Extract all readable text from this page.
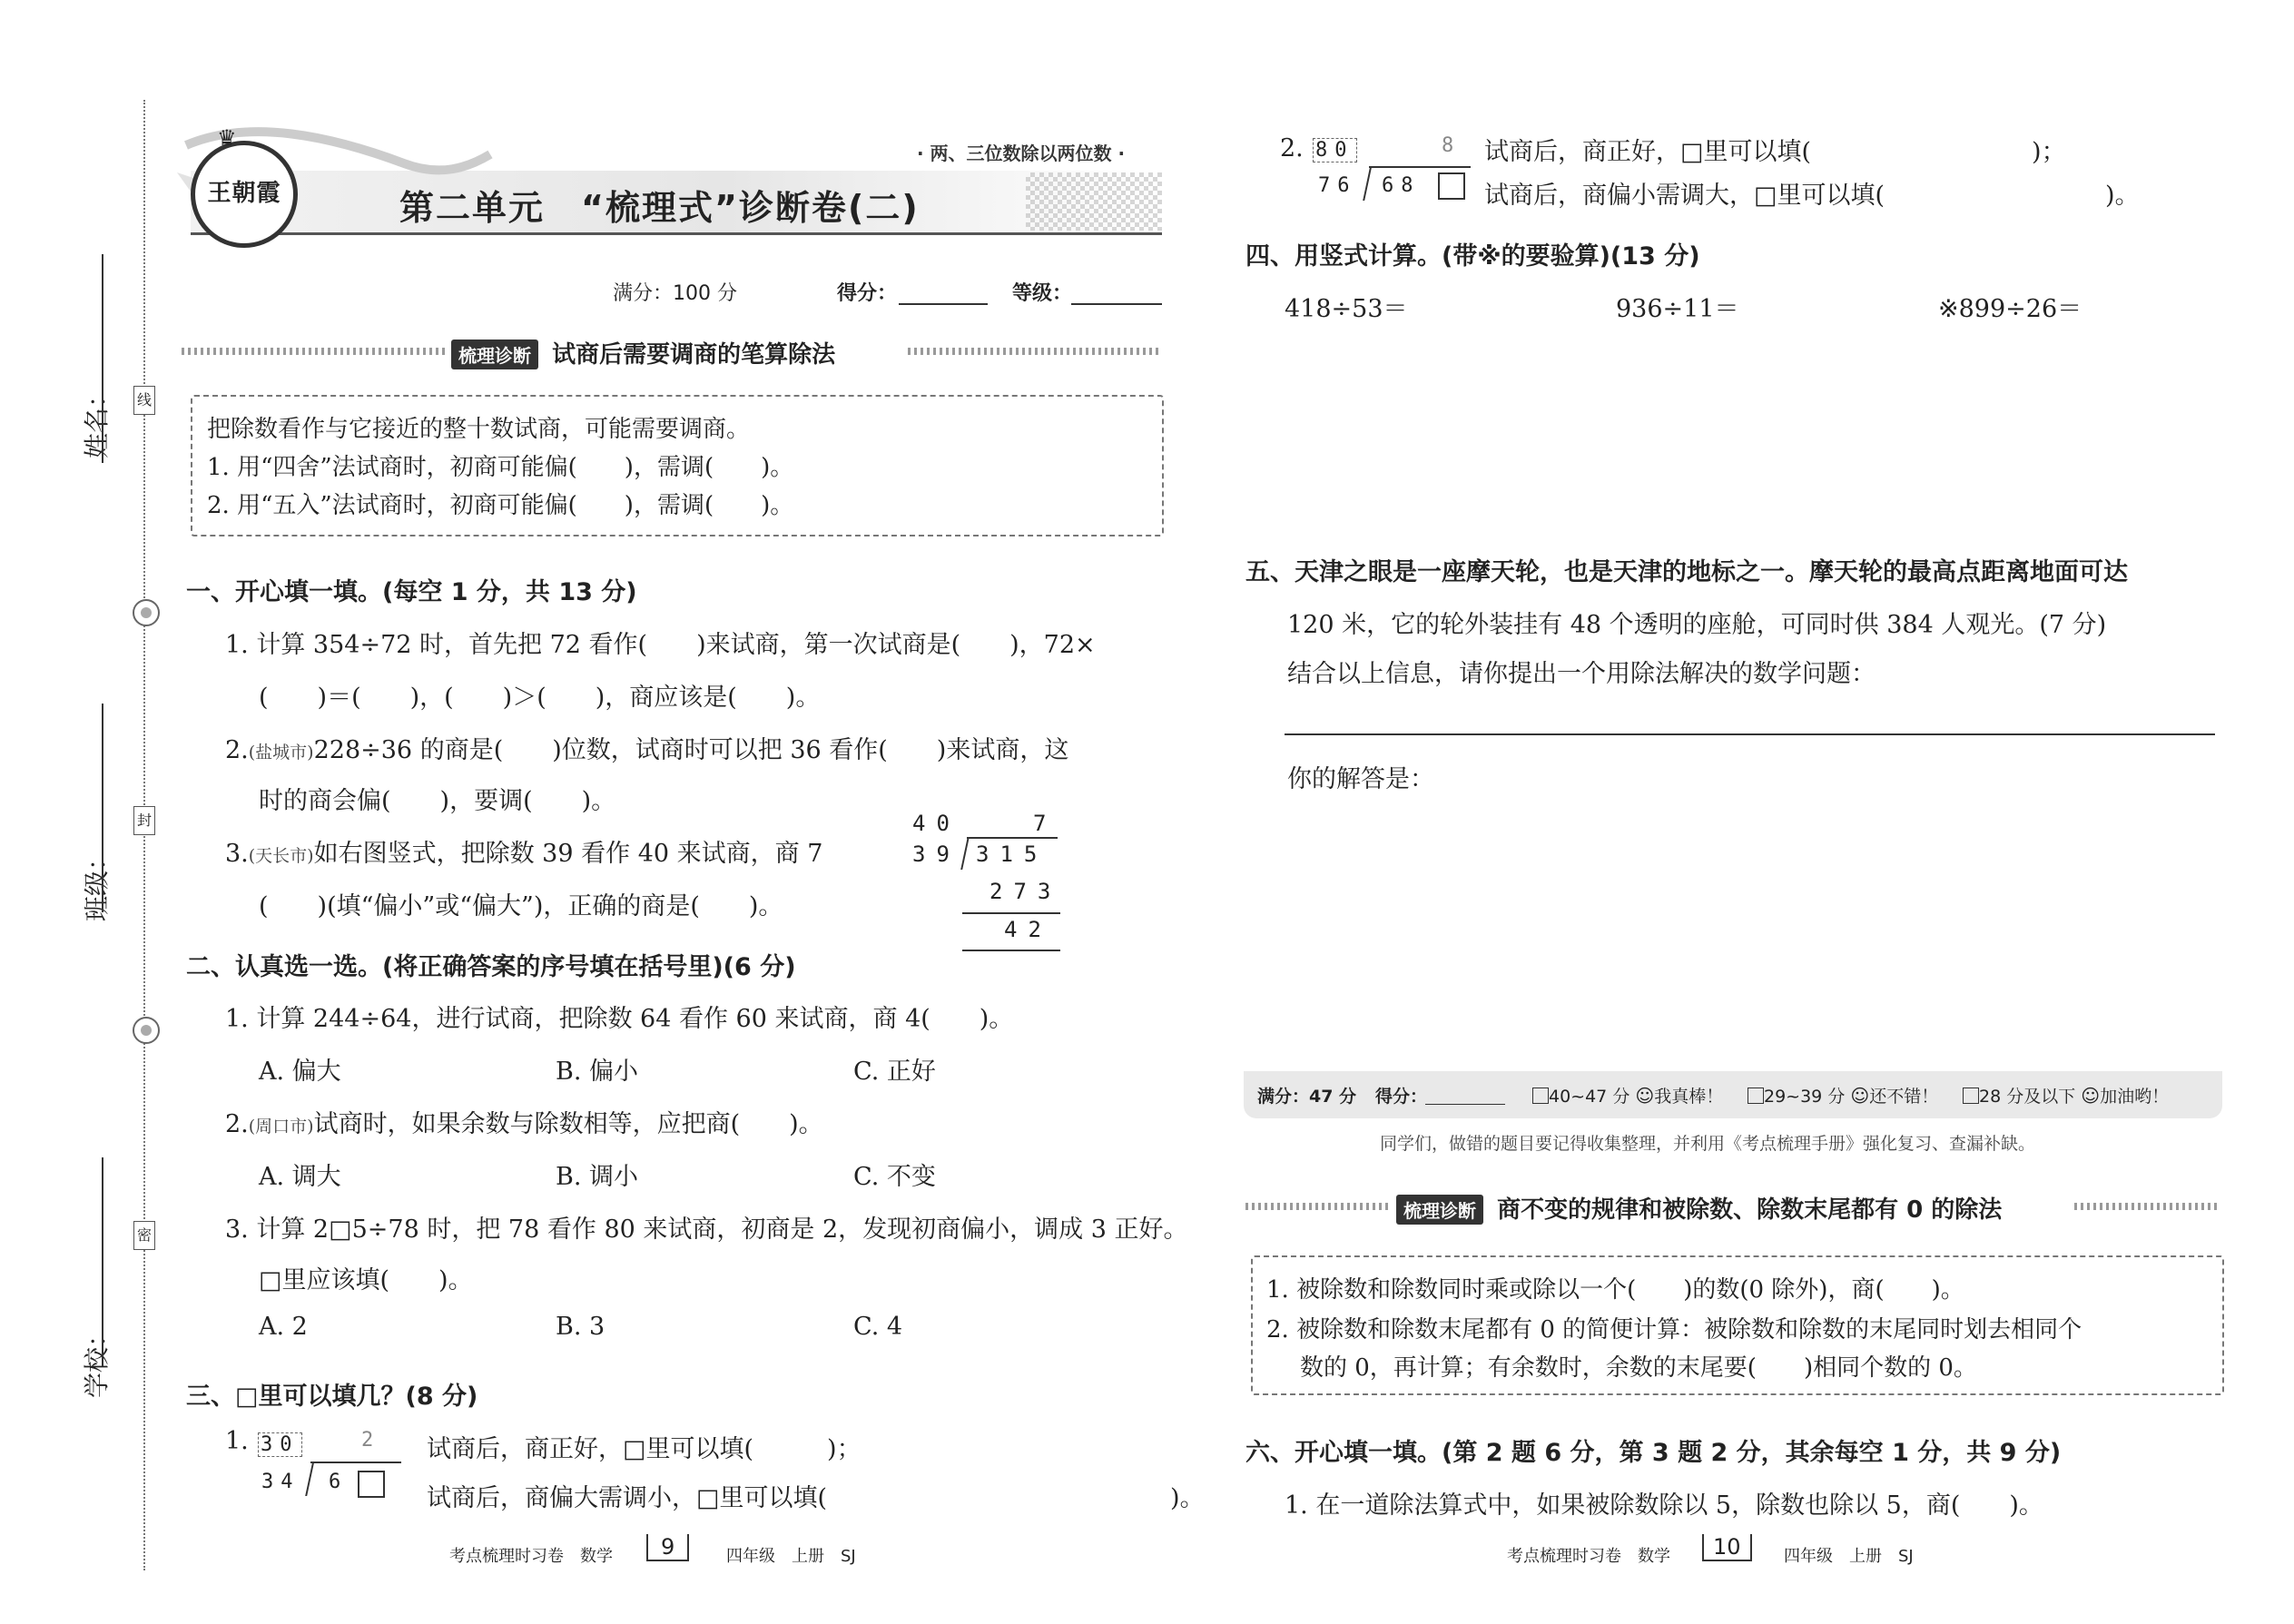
姓名：
班级：
学校：
线
封
密
♛
王朝霞
· 两、三位数除以两位数 ·
第二单元　“梳理式”诊断卷(二)
满分：100 分	得分：	等级：
梳理诊断 试商后需要调商的笔算除法
把除数看作与它接近的整十数试商，可能需要调商。
1. 用“四舍”法试商时，初商可能偏(　　)，需调(　　)。
2. 用“五入”法试商时，初商可能偏(　　)，需调(　　)。
一、开心填一填。(每空 1 分，共 13 分)
1. 计算 354÷72 时，首先把 72 看作(　　)来试商，第一次试商是(　　)，72×
(　　)＝(　　)，(　　)＞(　　)，商应该是(　　)。
2.(盐城市)228÷36 的商是(　　)位数，试商时可以把 36 看作(　　)来试商，这
时的商会偏(　　)，要调(　　)。
3.(天长市)如右图竖式，把除数 39 看作 40 来试商，商 7
(　　)(填“偏小”或“偏大”)，正确的商是(　　)。
40	7
39 315
273
42
二、认真选一选。(将正确答案的序号填在括号里)(6 分)
1. 计算 244÷64，进行试商，把除数 64 看作 60 来试商，商 4(　　)。
A. 偏大	B. 偏小	C. 正好
2.(周口市)试商时，如果余数与除数相等，应把商(　　)。
A. 调大	B. 调小	C. 不变
3. 计算 2□5÷78 时，把 78 看作 80 来试商，初商是 2，发现初商偏小，调成 3 正好。
□里应该填(　　)。
A. 2	B. 3	C. 4
三、□里可以填几？(8 分)
1. 30	2
34 6
试商后，商正好，□里可以填(　　　)；
试商后，商偏大需调小，□里可以填(　　　　　　　　　　　　　　)。
考点梳理时习卷　数学	9	四年级　上册　SJ
2. 80	8
76 68
试商后，商正好，□里可以填(　　　　　　　　　)；
试商后，商偏小需调大，□里可以填(　　　　　　　　　)。
四、用竖式计算。(带※的要验算)(13 分)
418÷53＝	936÷11＝	※899÷26＝
五、天津之眼是一座摩天轮，也是天津的地标之一。摩天轮的最高点距离地面可达
120 米，它的轮外装挂有 48 个透明的座舱，可同时供 384 人观光。(7 分)
结合以上信息，请你提出一个用除法解决的数学问题：
你的解答是：
满分：47 分 得分：	40~47 分 ☺我真棒！	29~39 分 ☺还不错！	28 分及以下 ☺加油哟！
同学们，做错的题目要记得收集整理，并利用《考点梳理手册》强化复习、查漏补缺。
梳理诊断 商不变的规律和被除数、除数末尾都有 0 的除法
1. 被除数和除数同时乘或除以一个(　　)的数(0 除外)，商(　　)。
2. 被除数和除数末尾都有 0 的简便计算：被除数和除数的末尾同时划去相同个
数的 0，再计算；有余数时，余数的末尾要(　　)相同个数的 0。
六、开心填一填。(第 2 题 6 分，第 3 题 2 分，其余每空 1 分，共 9 分)
1. 在一道除法算式中，如果被除数除以 5，除数也除以 5，商(　　)。
考点梳理时习卷　数学	10	四年级　上册　SJ
